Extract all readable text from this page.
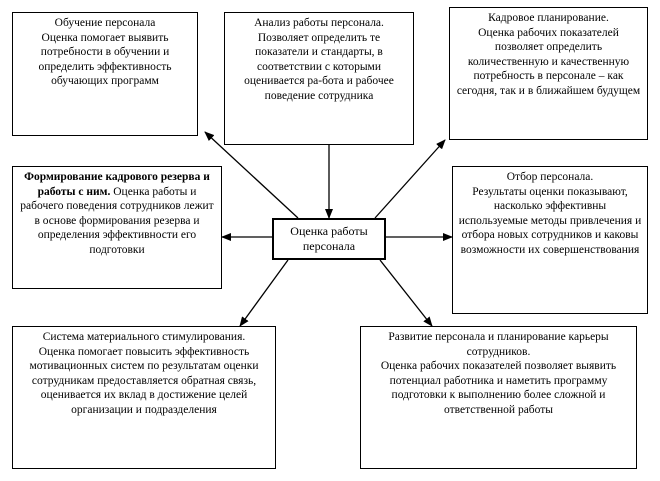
Обучение персонала
Оценка помогает выявить потребности в обучении и определить эффективность обучающих программ
Анализ работы персонала.
Позволяет определить те показатели и стандарты, в соответствии с которыми оценивается ра-бота и рабочее поведение сотрудника
Кадровое планирование.
Оценка рабочих показателей позволяет определить количественную и качественную потребность в персонале – как сегодня, так и в ближайшем будущем
Формирование кадрового резерва и работы с ним. Оценка работы и рабочего поведения сотрудников лежит в основе формирования резерва и определения эффективности его подготовки
Оценка работы
персонала
Отбор персонала.
Результаты оценки показывают, насколько эффективны используемые методы привлечения и отбора новых сотрудников и каковы возможности их совершенствования
Система материального стимулирования.
Оценка помогает повысить эффективность мотивационных систем по результатам оценки сотрудникам предоставляется обратная связь, оценивается их вклад в достижение целей организации и подразделения
Развитие персонала и планирование карьеры сотрудников.
Оценка рабочих показателей позволяет выявить потенциал работника и наметить программу подготовки к выполнению более сложной и ответственной работы
